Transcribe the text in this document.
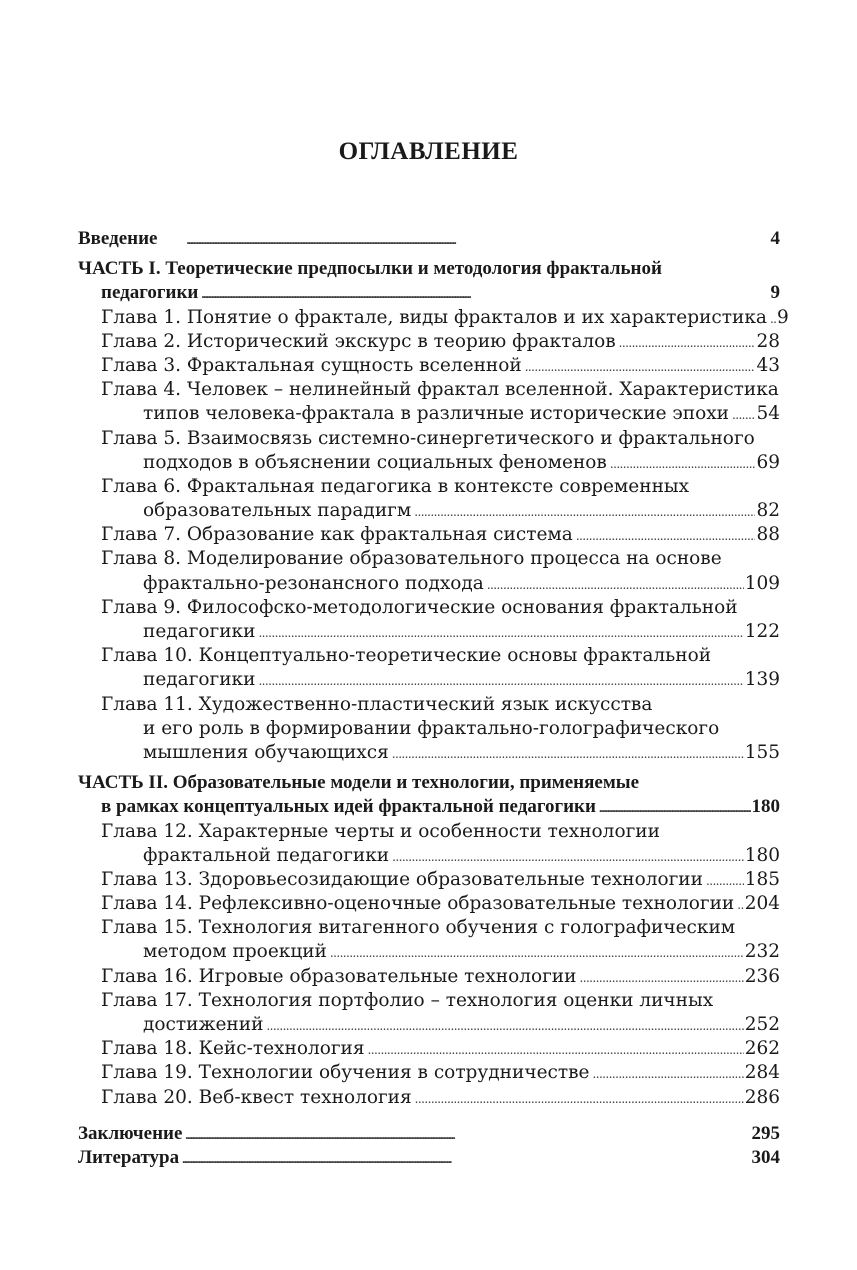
ОГЛАВЛЕНИЕ
Введение . . .	4
ЧАСТЬ I. Теоретические предпосылки и методология фрактальной
педагогики . . .	9
Глава 1. Понятие о фрактале, виды фракталов и их характеристика . . . 9
Глава 2. Исторический экскурс в теорию фракталов . . .	28
Глава 3. Фрактальная сущность вселенной . . .	43
Глава 4. Человек – нелинейный фрактал вселенной. Характеристика
типов человека-фрактала в различные исторические эпохи . . . 54
Глава 5. Взаимосвязь системно-синергетического и фрактального
подходов в объяснении социальных феноменов . . .	69
Глава 6. Фрактальная педагогика в контексте современных
образовательных парадигм . . .	82
Глава 7. Образование как фрактальная система . . .	88
Глава 8. Моделирование образовательного процесса на основе
фрактально-резонансного подхода . . .	109
Глава 9. Философско-методологические основания фрактальной
педагогики . . .	122
Глава 10. Концептуально-теоретические основы фрактальной
педагогики . . .	139
Глава 11. Художественно-пластический язык искусства
и его роль в формировании фрактально-голографического
мышления обучающихся . . .	155
ЧАСТЬ II. Образовательные модели и технологии, применяемые
в рамках концептуальных идей фрактальной педагогики . . .	180
Глава 12. Характерные черты и особенности технологии
фрактальной педагогики . . .	180
Глава 13. Здоровьесозидающие образовательные технологии . . . 185
Глава 14. Рефлексивно-оценочные образовательные технологии . . . 204
Глава 15. Технология витагенного обучения с голографическим
методом проекций . . .	232
Глава 16. Игровые образовательные технологии . . .	236
Глава 17. Технология портфолио – технология оценки личных
достижений . . .	252
Глава 18. Кейс-технология . . .	262
Глава 19. Технологии обучения в сотрудничестве . . .	284
Глава 20. Веб-квест технология . . .	286
Заключение . . .	295
Литература . . .	304
